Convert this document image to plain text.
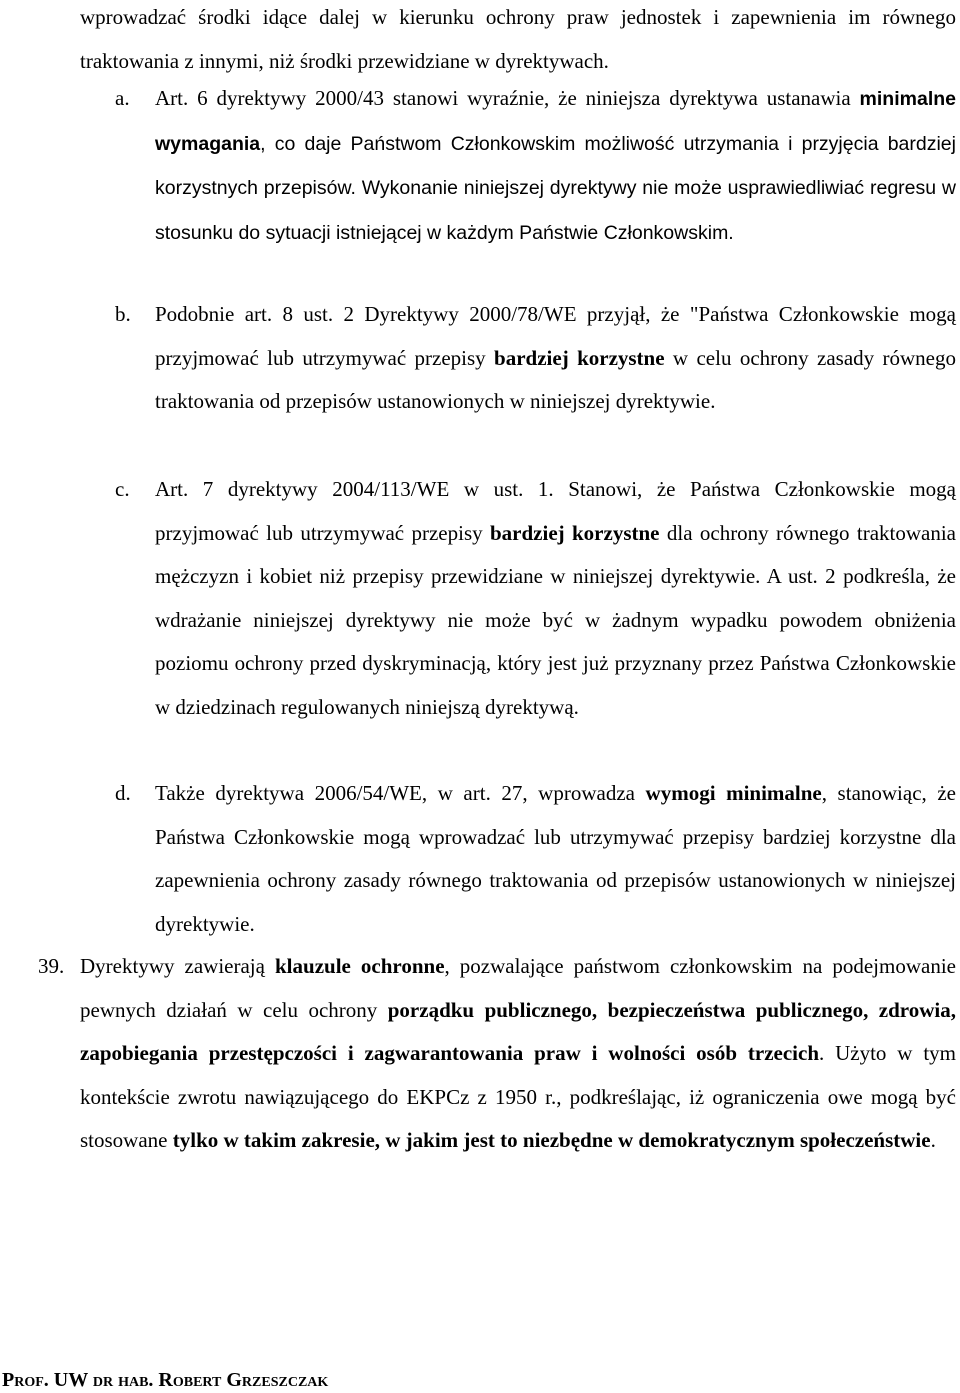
wprowadzać środki idące dalej w kierunku ochrony praw jednostek i zapewnienia im równego traktowania z innymi, niż środki przewidziane w dyrektywach.

a. Art. 6 dyrektywy 2000/43 stanowi wyraźnie, że niniejsza dyrektywa ustanawia minimalne wymagania, co daje Państwom Członkowskim możliwość utrzymania i przyjęcia bardziej korzystnych przepisów. Wykonanie niniejszej dyrektywy nie może usprawiedliwiać regresu w stosunku do sytuacji istniejącej w każdym Państwie Członkowskim.
b. Podobnie art. 8 ust. 2 Dyrektywy 2000/78/WE przyjął, że "Państwa Członkowskie mogą przyjmować lub utrzymywać przepisy bardziej korzystne w celu ochrony zasady równego traktowania od przepisów ustanowionych w niniejszej dyrektywie.
c. Art. 7 dyrektywy 2004/113/WE w ust. 1. Stanowi, że Państwa Członkowskie mogą przyjmować lub utrzymywać przepisy bardziej korzystne dla ochrony równego traktowania mężczyzn i kobiet niż przepisy przewidziane w niniejszej dyrektywie. A ust. 2 podkreśla, że wdrażanie niniejszej dyrektywy nie może być w żadnym wypadku powodem obniżenia poziomu ochrony przed dyskryminacją, który jest już przyznany przez Państwa Członkowskie w dziedzinach regulowanych niniejszą dyrektywą.
d. Także dyrektywa 2006/54/WE, w art. 27, wprowadza wymogi minimalne, stanowiąc, że Państwa Członkowskie mogą wprowadzać lub utrzymywać przepisy bardziej korzystne dla zapewnienia ochrony zasady równego traktowania od przepisów ustanowionych w niniejszej dyrektywie.
39. Dyrektywy zawierają klauzule ochronne, pozwalające państwom członkowskim na podejmowanie pewnych działań w celu ochrony porządku publicznego, bezpieczeństwa publicznego, zdrowia, zapobiegania przestępczości i zagwarantowania praw i wolności osób trzecich. Użyto w tym kontekście zwrotu nawiązującego do EKPCz z 1950 r., podkreślając, iż ograniczenia owe mogą być stosowane tylko w takim zakresie, w jakim jest to niezbędne w demokratycznym społeczeństwie.
Prof. UW dr hab. Robert Grzeszczak
